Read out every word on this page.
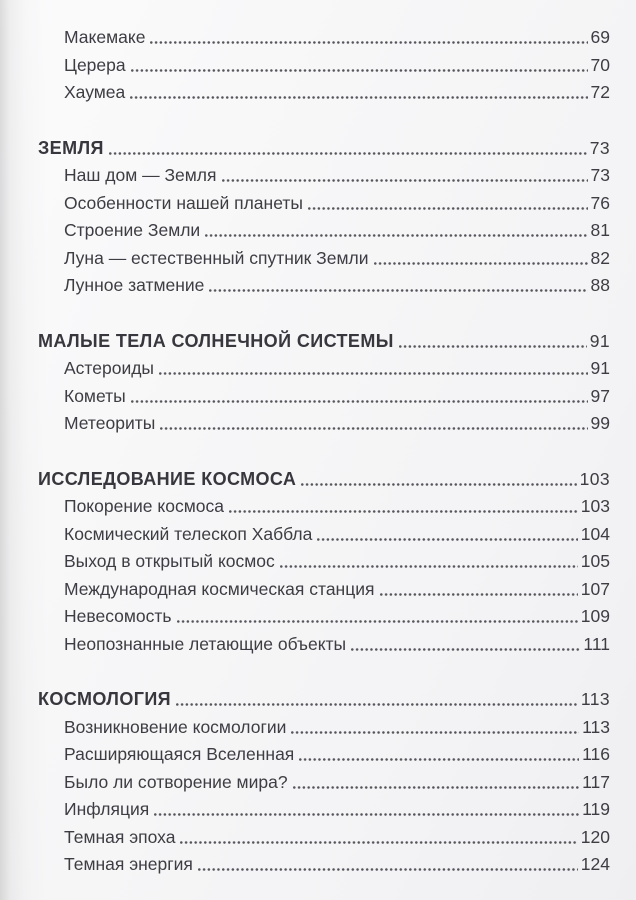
Макемаке	69
Церера	70
Хаумеа	72
ЗЕМЛЯ	73
Наш дом — Земля	73
Особенности нашей планеты	76
Строение Земли	81
Луна — естественный спутник Земли	82
Лунное затмение	88
МАЛЫЕ ТЕЛА СОЛНЕЧНОЙ СИСТЕМЫ	91
Астероиды	91
Кометы	97
Метеориты	99
ИССЛЕДОВАНИЕ КОСМОСА	103
Покорение космоса	103
Космический телескоп Хаббла	104
Выход в открытый космос	105
Международная космическая станция	107
Невесомость	109
Неопознанные летающие объекты	111
КОСМОЛОГИЯ	113
Возникновение космологии	113
Расширяющаяся Вселенная	116
Было ли сотворение мира?	117
Инфляция	119
Темная эпоха	120
Темная энергия	124
